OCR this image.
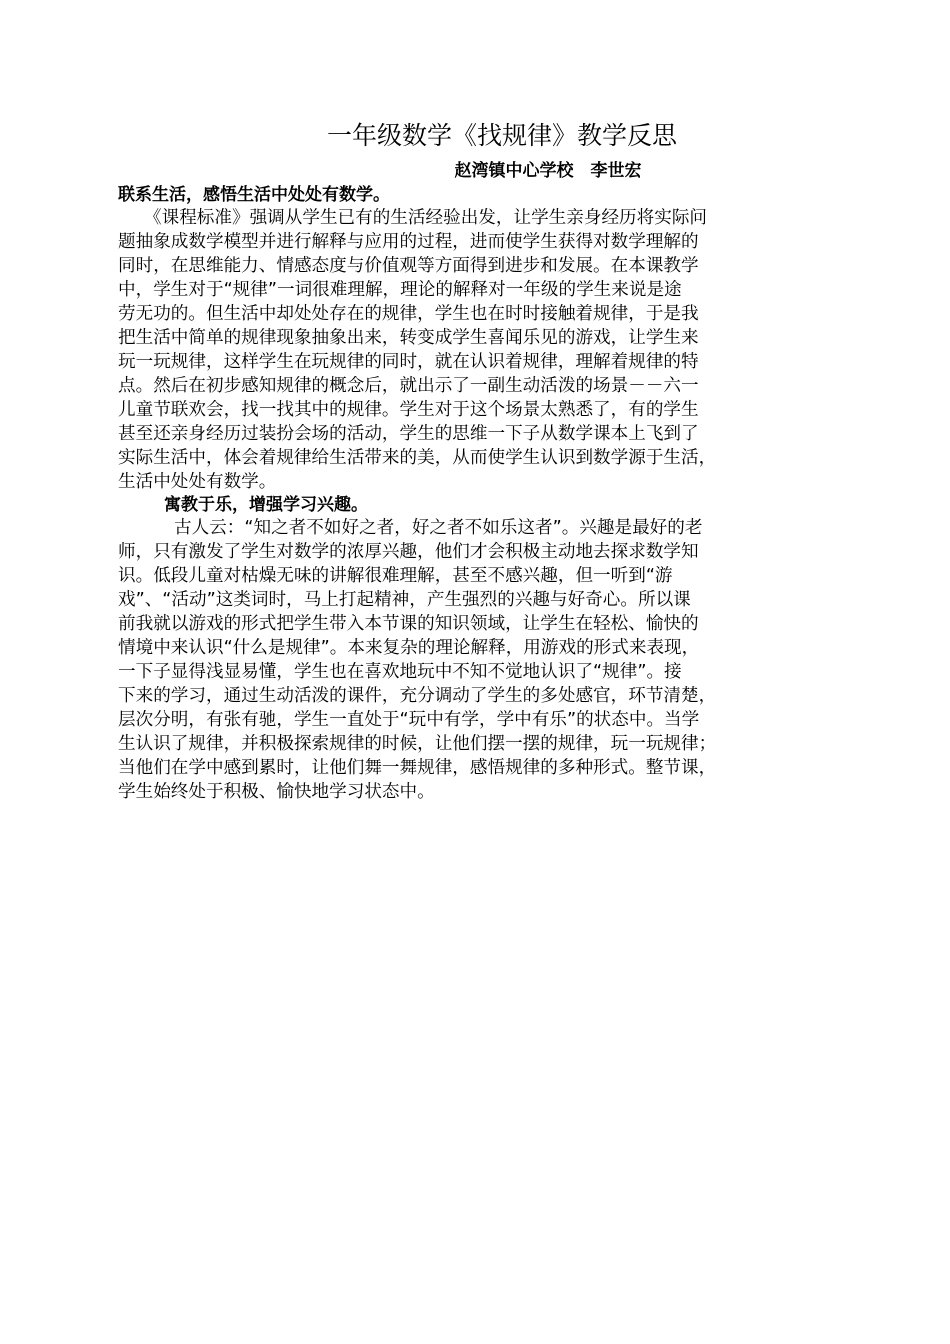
一年级数学《找规律》教学反思
赵湾镇中心学校　李世宏
联系生活，感悟生活中处处有数学。
《课程标准》强调从学生已有的生活经验出发，让学生亲身经历将实际问
题抽象成数学模型并进行解释与应用的过程，进而使学生获得对数学理解的
同时，在思维能力、情感态度与价值观等方面得到进步和发展。在本课教学
中，学生对于“规律”一词很难理解，理论的解释对一年级的学生来说是途
劳无功的。但生活中却处处存在的规律，学生也在时时接触着规律，于是我
把生活中简单的规律现象抽象出来，转变成学生喜闻乐见的游戏，让学生来
玩一玩规律，这样学生在玩规律的同时，就在认识着规律，理解着规律的特
点。然后在初步感知规律的概念后，就出示了一副生动活泼的场景－－六一
儿童节联欢会，找一找其中的规律。学生对于这个场景太熟悉了，有的学生
甚至还亲身经历过装扮会场的活动，学生的思维一下子从数学课本上飞到了
实际生活中，体会着规律给生活带来的美，从而使学生认识到数学源于生活，
生活中处处有数学。
寓教于乐，增强学习兴趣。
古人云：“知之者不如好之者，好之者不如乐这者”。兴趣是最好的老
师，只有激发了学生对数学的浓厚兴趣，他们才会积极主动地去探求数学知
识。低段儿童对枯燥无味的讲解很难理解，甚至不感兴趣，但一听到“游
戏”、“活动”这类词时，马上打起精神，产生强烈的兴趣与好奇心。所以课
前我就以游戏的形式把学生带入本节课的知识领域，让学生在轻松、愉快的
情境中来认识“什么是规律”。本来复杂的理论解释，用游戏的形式来表现，
一下子显得浅显易懂，学生也在喜欢地玩中不知不觉地认识了“规律”。接
下来的学习，通过生动活泼的课件，充分调动了学生的多处感官，环节清楚，
层次分明，有张有驰，学生一直处于“玩中有学，学中有乐”的状态中。当学
生认识了规律，并积极探索规律的时候，让他们摆一摆的规律，玩一玩规律；
当他们在学中感到累时，让他们舞一舞规律，感悟规律的多种形式。整节课，
学生始终处于积极、愉快地学习状态中。
